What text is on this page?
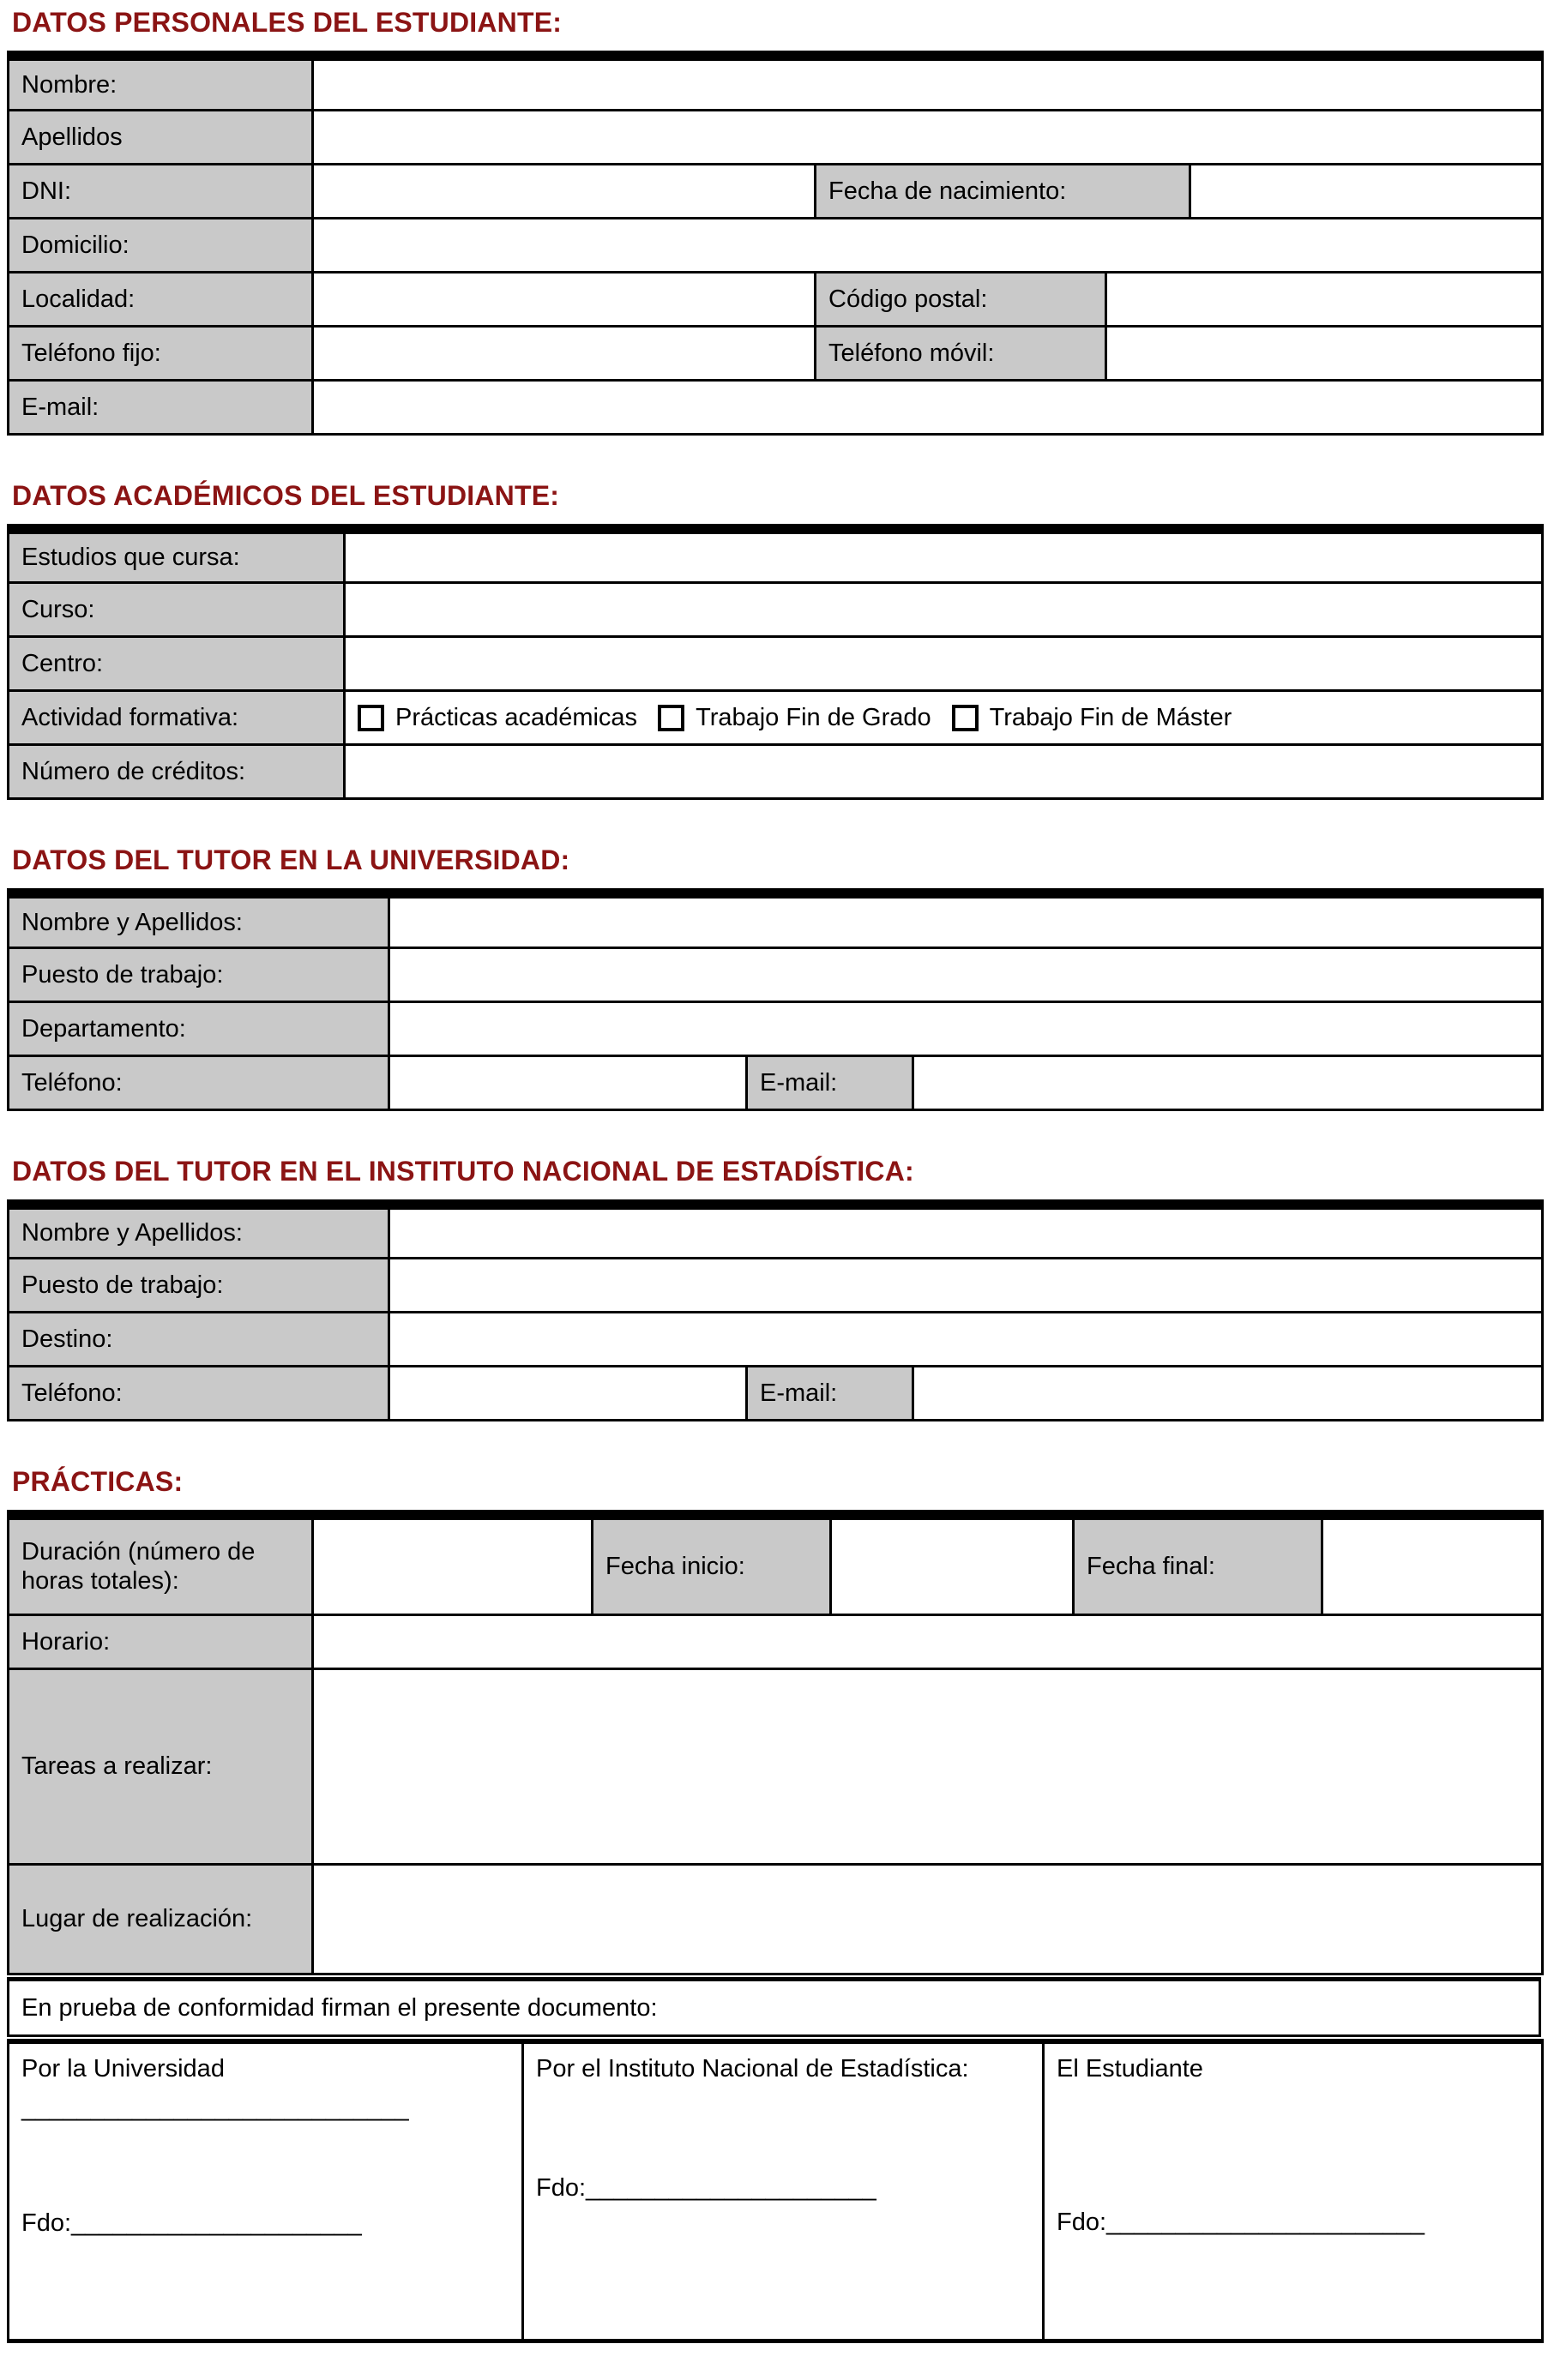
DATOS PERSONALES DEL ESTUDIANTE:
Nombre:				
Apellidos				
DNI:		Fecha de nacimiento:		
Domicilio:				
Localidad:		Código postal:		
Teléfono fijo:		Teléfono móvil:		
E-mail:				
DATOS ACADÉMICOS DEL ESTUDIANTE:
Estudios que cursa:	
Curso:	
Centro:	
Actividad formativa:	Prácticas académicas Trabajo Fin de Grado Trabajo Fin de Máster

Número de créditos:	
DATOS DEL TUTOR EN LA UNIVERSIDAD:
Nombre y Apellidos:			
Puesto de trabajo:			
Departamento:			
Teléfono:		E-mail:	
DATOS DEL TUTOR EN EL INSTITUTO NACIONAL DE ESTADÍSTICA:
Nombre y Apellidos:			
Puesto de trabajo:			
Destino:			
Teléfono:		E-mail:	
PRÁCTICAS:
Duración (número de horas totales):		Fecha inicio:		Fecha final:	
Horario:					
Tareas a realizar:					
Lugar de realización:					
En prueba de conformidad firman el presente documento:
Por la Universidad
____________________________
Fdo:_____________________

Por el Instituto Nacional de Estadística:
Fdo:_____________________

El Estudiante
Fdo:_______________________
